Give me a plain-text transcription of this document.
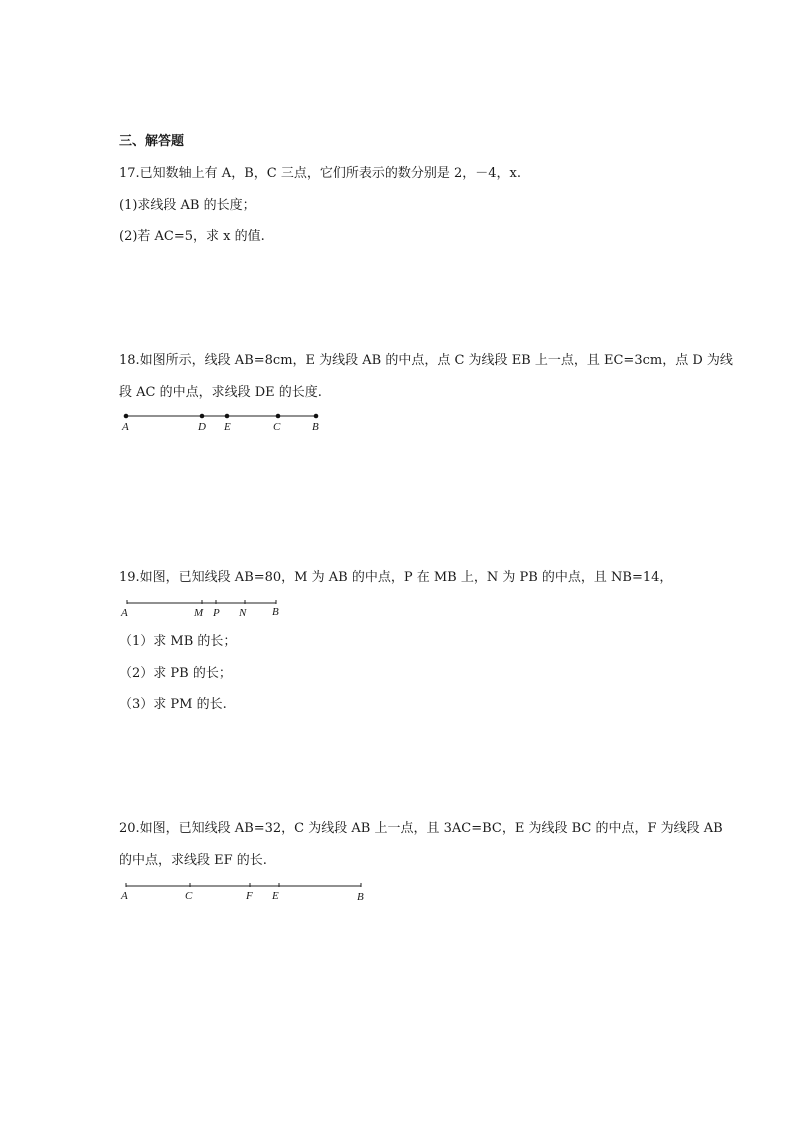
三、解答题
17.已知数轴上有 A，B，C 三点，它们所表示的数分别是 2，－4，x.
(1)求线段 AB 的长度；
(2)若 AC=5，求 x 的值.
18.如图所示，线段 AB=8cm，E 为线段 AB 的中点，点 C 为线段 EB 上一点，且 EC=3cm，点 D 为线
段 AC 的中点，求线段 DE 的长度.
A	D E	C	B
19.如图，已知线段 AB=80，M 为 AB 的中点，P 在 MB 上，N 为 PB 的中点，且 NB=14，
A	M P N B
（1）求 MB 的长；
（2）求 PB 的长；
（3）求 PM 的长.
20.如图，已知线段 AB=32，C 为线段 AB 上一点，且 3AC=BC，E 为线段 BC 的中点，F 为线段 AB
的中点，求线段 EF 的长.
A	C	F E	B
